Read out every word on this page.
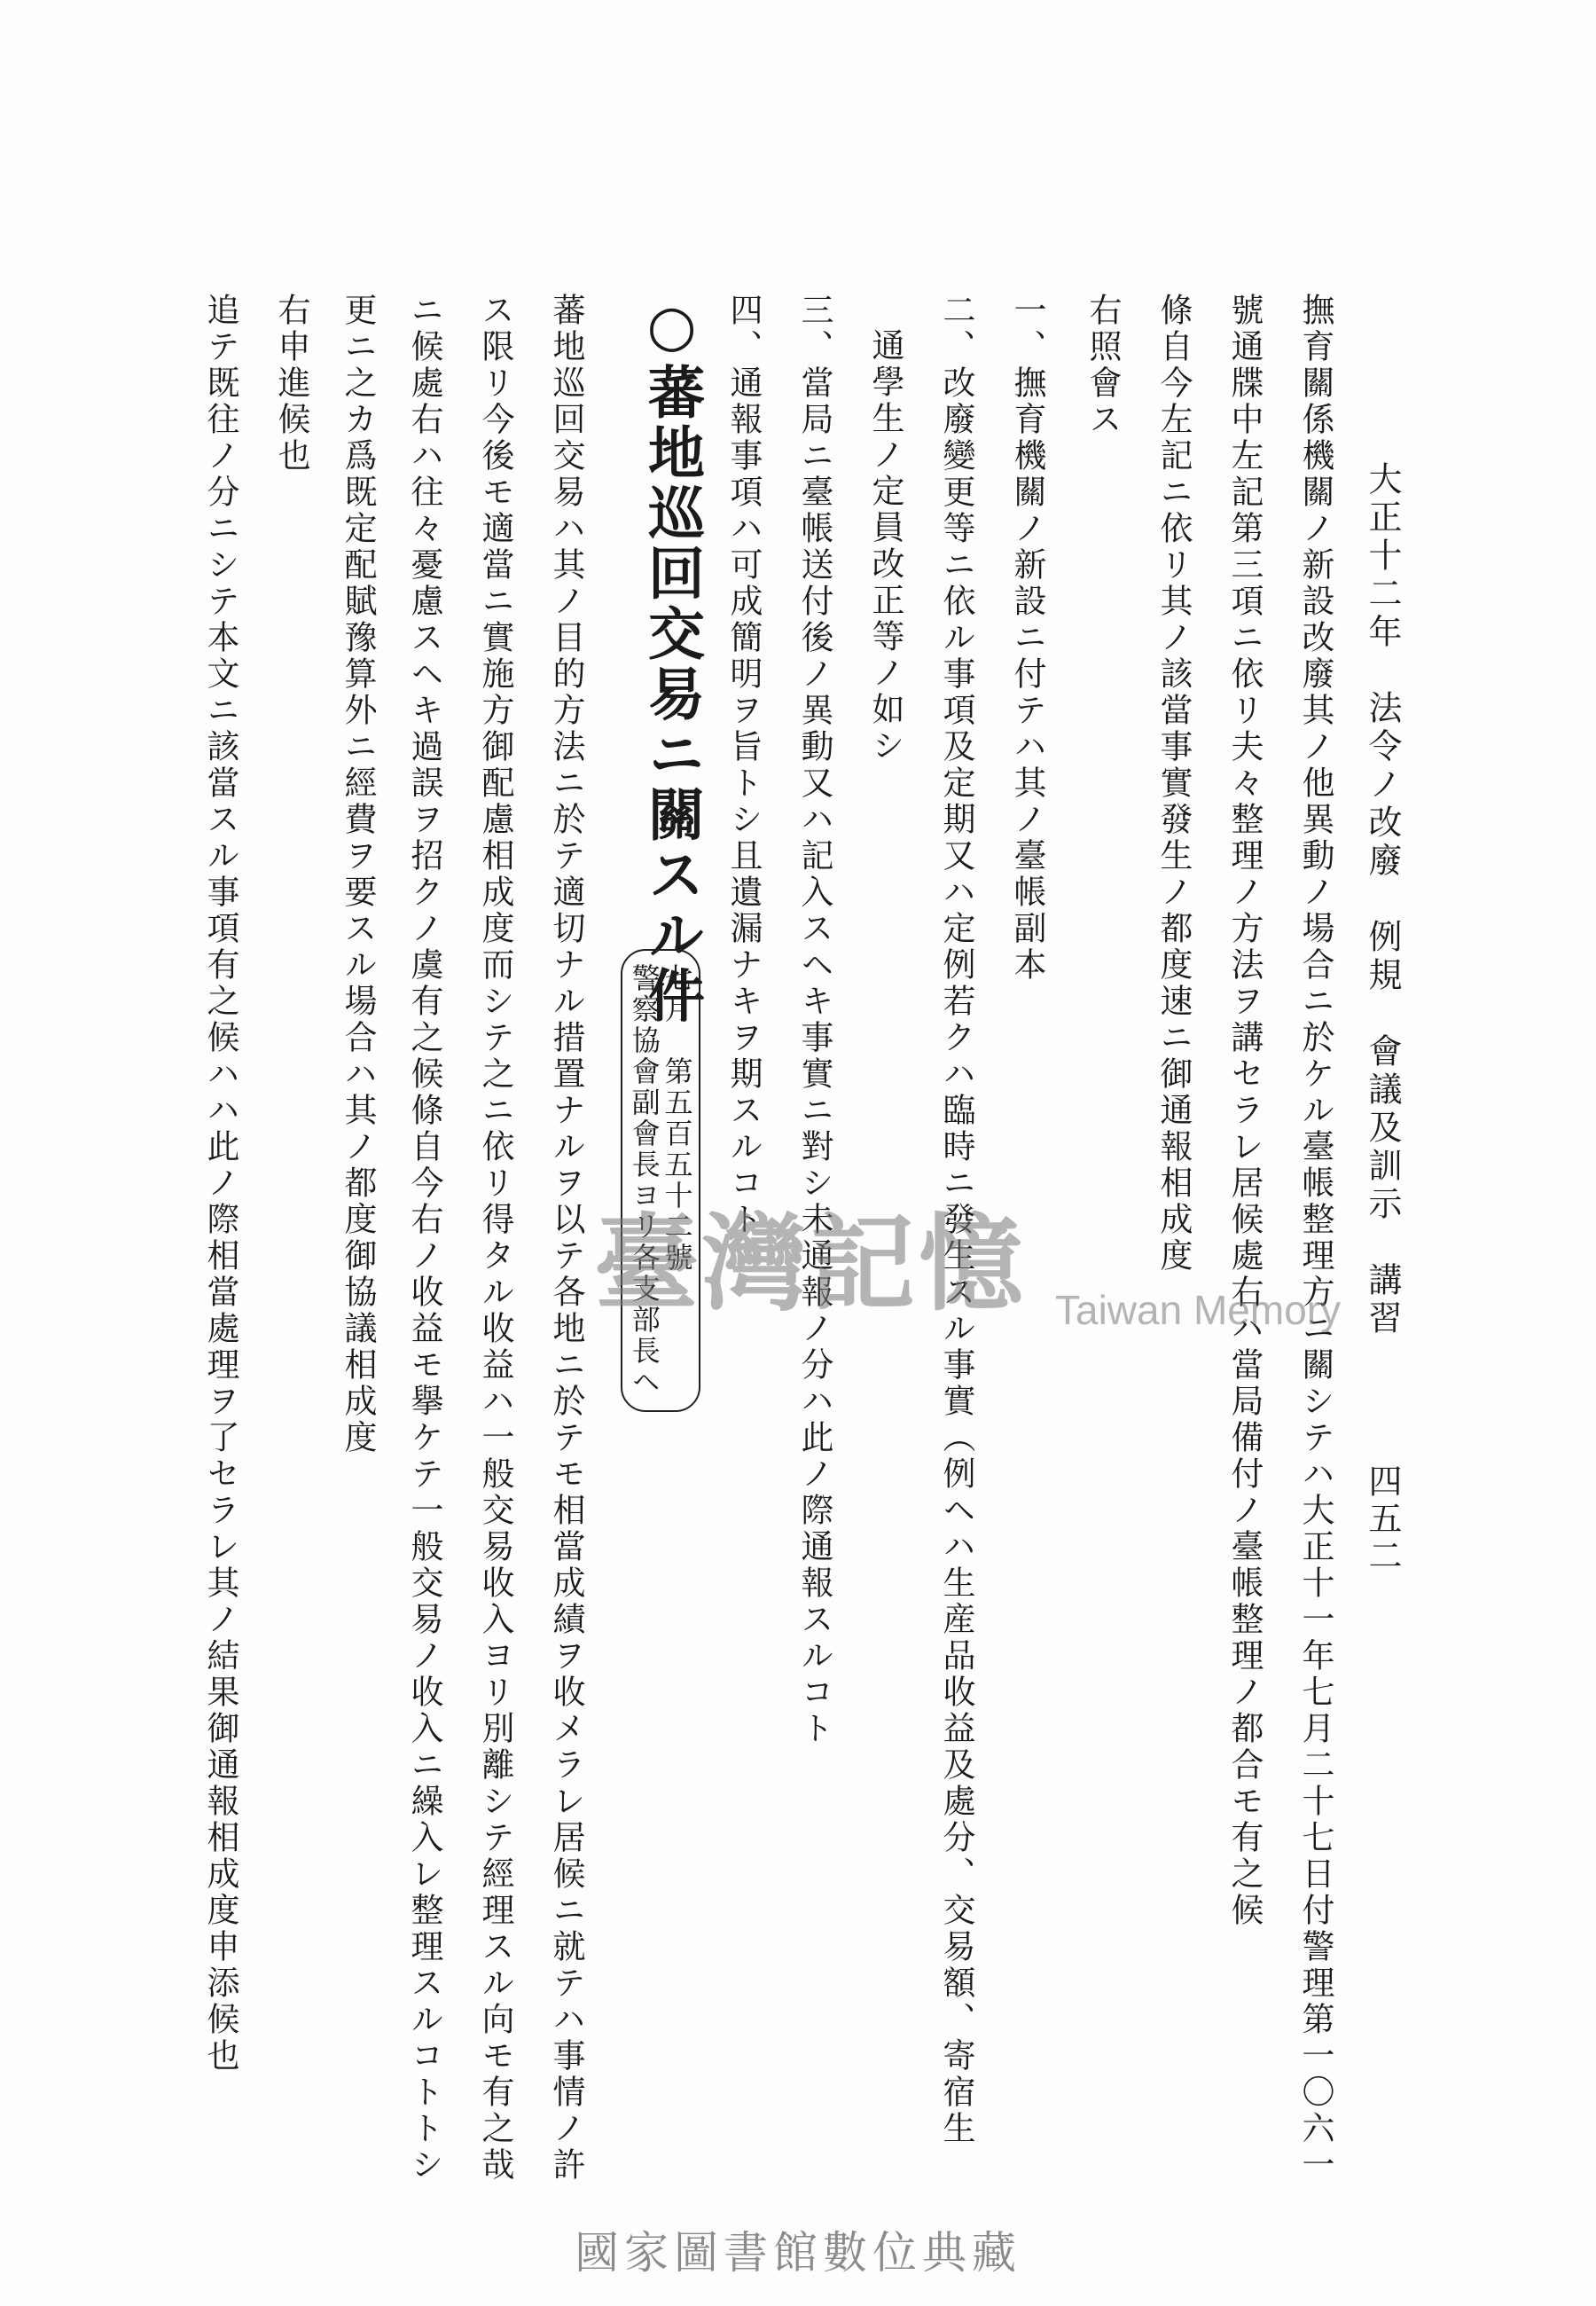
四五二
大正十二年　法令ノ改廢　例規　會議及訓示　講習
撫育關係機關ノ新設改廢其ノ他異動ノ場合ニ於ケル臺帳整理方ニ關シテハ大正十一年七月二十七日付警理第一〇六一
號通牒中左記第三項ニ依リ夫々整理ノ方法ヲ講セラレ居候處右ハ當局備付ノ臺帳整理ノ都合モ有之候
條自今左記ニ依リ其ノ該當事實發生ノ都度速ニ御通報相成度
右照會ス
一、撫育機關ノ新設ニ付テハ其ノ臺帳副本
二、改廢變更等ニ依ル事項及定期又ハ定例若クハ臨時ニ發生スル事實（例ヘハ生産品收益及處分、交易額、寄宿生
通學生ノ定員改正等ノ如シ
三、當局ニ臺帳送付後ノ異動又ハ記入スヘキ事實ニ對シ未通報ノ分ハ此ノ際通報スルコト
四、通報事項ハ可成簡明ヲ旨トシ且遺漏ナキヲ期スルコト
○蕃地巡回交易ニ關スル件
七月　第五百五十二號
警察協會副會長ヨリ各支部長ヘ
蕃地巡回交易ハ其ノ目的方法ニ於テ適切ナル措置ナルヲ以テ各地ニ於テモ相當成績ヲ收メラレ居候ニ就テハ事情ノ許
ス限リ今後モ適當ニ實施方御配慮相成度而シテ之ニ依リ得タル收益ハ一般交易收入ヨリ別離シテ經理スル向モ有之哉
ニ候處右ハ往々憂慮スヘキ過誤ヲ招クノ虞有之候條自今右ノ收益モ擧ケテ一般交易ノ收入ニ繰入レ整理スルコトトシ
更ニ之カ爲既定配賦豫算外ニ經費ヲ要スル場合ハ其ノ都度御協議相成度
右申進候也
追テ既往ノ分ニシテ本文ニ該當スル事項有之候ハハ此ノ際相當處理ヲ了セラレ其ノ結果御通報相成度申添候也	臺灣記憶 Taiwan Memory
國家圖書館數位典藏
